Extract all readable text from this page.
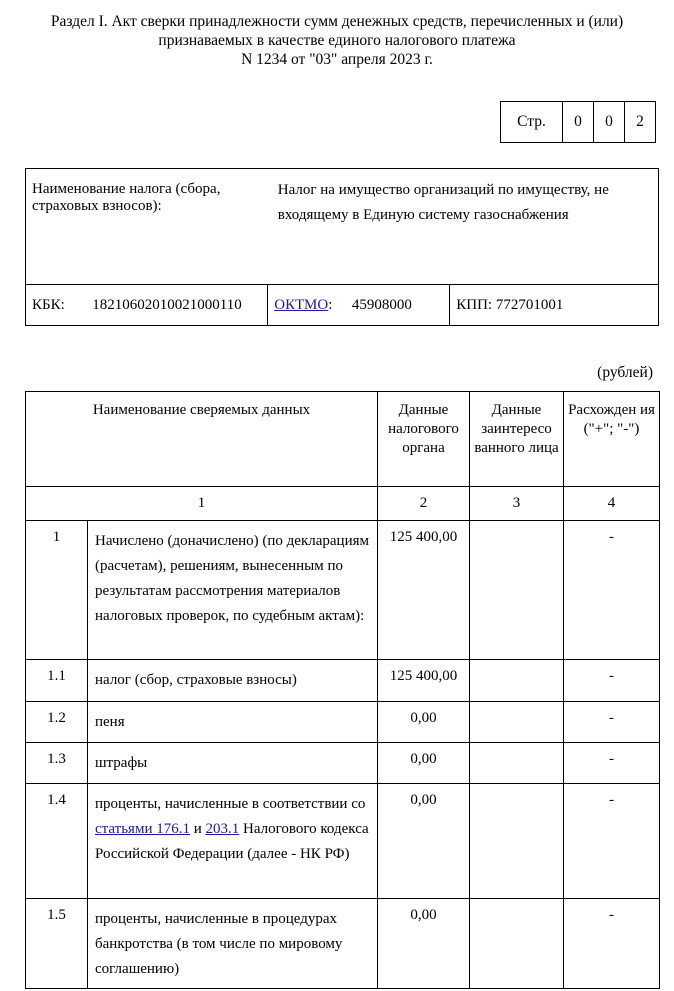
Раздел I. Акт сверки принадлежности сумм денежных средств, перечисленных и (или)
признаваемых в качестве единого налогового платежа
N 1234 от "03" апреля 2023 г.
Стр.	0	0	2
Наименование налога (сбора, страховых взносов):	Налог на имущество организаций по имуществу, не входящему в Единую систему газоснабжения	
КБК: 18210602010021000110	ОКТМО: 45908000	КПП: 772701001
(рублей)
Наименование сверяемых данных		Данные налогового органа	Данные заинтересо ванного лица	Расхожден ия ("+"; "-")
1		2	3	4
1	Начислено (доначислено) (по декларациям (расчетам), решениям, вынесенным по результатам рассмотрения материалов налоговых проверок, по судебным актам):	125 400,00		-
1.1	налог (сбор, страховые взносы)	125 400,00		-
1.2	пеня	0,00		-
1.3	штрафы	0,00		-
1.4	проценты, начисленные в соответствии со статьями 176.1 и 203.1 Налогового кодекса Российской Федерации (далее - НК РФ)	0,00		-
1.5	проценты, начисленные в процедурах банкротства (в том числе по мировому соглашению)	0,00		-
